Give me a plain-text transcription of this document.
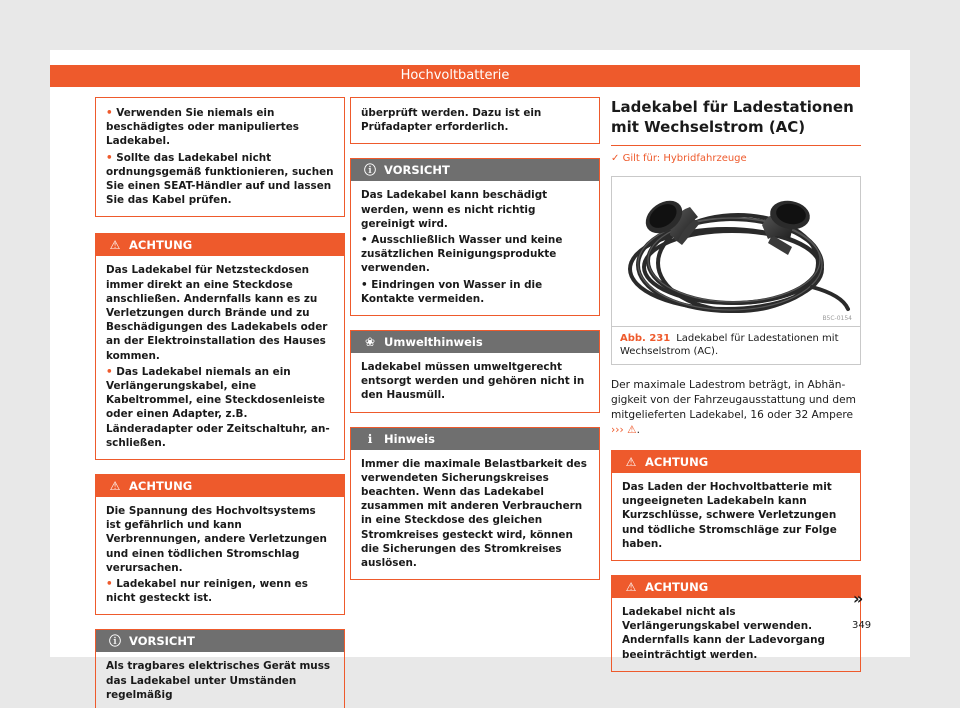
Hochvoltbatterie

• Verwenden Sie niemals ein beschädigtes oder manipuliertes Ladekabel.

• Sollte das Ladekabel nicht ordnungsgemäß funktionieren, suchen Sie einen SEAT-Händler auf und lassen Sie das Kabel prüfen.

⚠ ACHTUNG

Das Ladekabel für Netzsteckdosen immer direkt an eine Steckdose anschließen. Andernfalls kann es zu Verletzungen durch Brände und zu Beschädigungen des Ladekabels oder an der Elektroinstallation des Hauses kommen.

• Das Ladekabel niemals an ein Verlängerungskabel, eine Kabeltrommel, eine Steckdosenleiste oder einen Adapter, z.B. Länderadapter oder Zeitschaltuhr, anschließen.

⚠ ACHTUNG

Die Spannung des Hochvoltsystems ist gefährlich und kann Verbrennungen, andere Verletzungen und einen tödlichen Stromschlag verursachen.

• Ladekabel nur reinigen, wenn es nicht gesteckt ist.

ⓘ VORSICHT

Als tragbares elektrisches Gerät muss das Ladekabel unter Umständen regelmäßig

überprüft werden. Dazu ist ein Prüfadapter erforderlich.

ⓘ VORSICHT

Das Ladekabel kann beschädigt werden, wenn es nicht richtig gereinigt wird.

• Ausschließlich Wasser und keine zusätzlichen Reinigungsprodukte verwenden.

• Eindringen von Wasser in die Kontakte vermeiden.

❀ Umwelthinweis

Ladekabel müssen umweltgerecht entsorgt werden und gehören nicht in den Hausmüll.

ℹ	Hinweis

Immer die maximale Belastbarkeit des verwendeten Sicherungskreises beachten. Wenn das Ladekabel zusammen mit anderen Verbrauchern in eine Steckdose des gleichen Stromkreises gesteckt wird, können die Sicherungen des Stromkreises auslösen.

Ladekabel für Ladestationen mit Wechselstrom (AC)
✓ Gilt für: Hybridfahrzeuge
B5C-0154
Abb. 231 Ladekabel für Ladestationen mit Wechselstrom (AC).
Der maximale Ladestrom beträgt, in Abhängigkeit von der Fahrzeugausstattung und dem mitgelieferten Ladekabel, 16 oder 32 Ampere
››› ⚠.
⚠ ACHTUNG

Das Laden der Hochvoltbatterie mit ungeeigneten Ladekabeln kann Kurzschlüsse, schwere Verletzungen und tödliche Stromschläge zur Folge haben.

⚠ ACHTUNG

Ladekabel nicht als Verlängerungskabel verwenden. Andernfalls kann der Ladevorgang beeinträchtigt werden.

»
349
